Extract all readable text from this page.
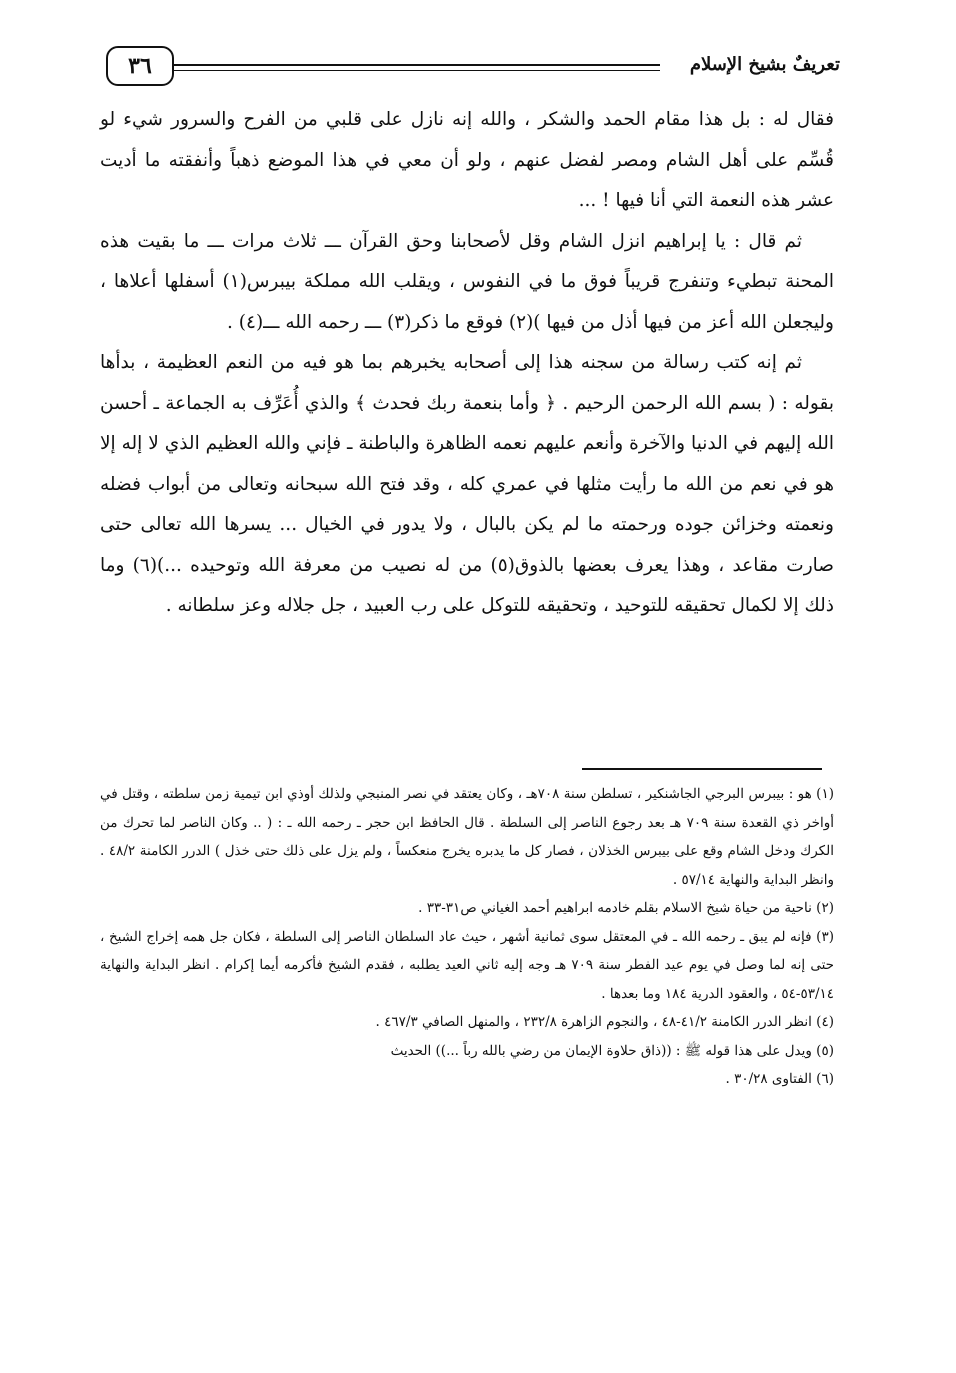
تعريفٌ بشيخ الإسلام
٣٦

فقال له : بل هذا مقام الحمد والشكر ، والله إنه نازل على قلبي من الفرح والسرور شيء لو قُسِّم على أهل الشام ومصر لفضل عنهم ، ولو أن معي في هذا الموضع ذهباً وأنفقته ما أديت عشر هذه النعمة التي أنا فيها ! ...

ثم قال : يا إبراهيم انزل الشام وقل لأصحابنا وحق القرآن ـــ ثلاث مرات ـــ ما بقيت هذه المحنة تبطيء وتنفرج قريباً فوق ما في النفوس ، ويقلب الله مملكة بيبرس(١) أسفلها أعلاها ، وليجعلن الله أعز من فيها أذل من فيها )(٢) فوقع ما ذكر(٣) ـــ رحمه الله ـــ(٤) .

ثم إنه كتب رسالة من سجنه هذا إلى أصحابه يخبرهم بما هو فيه من النعم العظيمة ، بدأها بقوله : ( بسم الله الرحمن الرحيم . ﴿ وأما بنعمة ربك فحدث ﴾ والذي أُعَرِّف به الجماعة ـ أحسن الله إليهم في الدنيا والآخرة وأنعم عليهم نعمه الظاهرة والباطنة ـ فإني والله العظيم الذي لا إله إلا هو في نعم من الله ما رأيت مثلها في عمري كله ، وقد فتح الله سبحانه وتعالى من أبواب فضله ونعمته وخزائن جوده ورحمته ما لم يكن بالبال ، ولا يدور في الخيال ... يسرها الله تعالى حتى صارت مقاعد ، وهذا يعرف بعضها بالذوق(٥) من له نصيب من معرفة الله وتوحيده ...)(٦) وما ذلك إلا لكمال تحقيقه للتوحيد ، وتحقيقه للتوكل على رب العبيد ، جل جلاله وعز سلطانه .

(١) هو : بيبرس البرجي الجاشنكير ، تسلطن سنة ٧٠٨هـ ، وكان يعتقد في نصر المنبجي ولذلك أوذي ابن تيمية زمن سلطته ، وقتل في أواخر ذي القعدة سنة ٧٠٩ هـ بعد رجوع الناصر إلى السلطة . قال الحافظ ابن حجر ـ رحمه الله ـ : ( .. وكان الناصر لما تحرك من الكرك ودخل الشام وقع على بيبرس الخذلان ، فصار كل ما يدبره يخرج منعكساً ، ولم يزل على ذلك حتى خذل ) الدرر الكامنة ٤٨/٢ . وانظر البداية والنهاية ٥٧/١٤ .

(٢) ناحية من حياة شيخ الاسلام بقلم خادمه ابراهيم أحمد الغياني ص٣١-٣٣ .

(٣) فإنه لم يبق ـ رحمه الله ـ في المعتقل سوى ثمانية أشهر ، حيث عاد السلطان الناصر إلى السلطة ، فكان جل همه إخراج الشيخ ، حتى إنه لما وصل في يوم عيد الفطر سنة ٧٠٩ هـ وجه إليه ثاني العيد يطلبه ، فقدم الشيخ فأكرمه أيما إكرام . انظر البداية والنهاية ٥٣/١٤-٥٤ ، والعقود الدرية ١٨٤ وما بعدها .

(٤) انظر الدرر الكامنة ٤١/٢-٤٨ ، والنجوم الزاهرة ٢٣٢/٨ ، والمنهل الصافي ٤٦٧/٣ .

(٥) ويدل على هذا قوله ﷺ : ((ذاق حلاوة الإيمان من رضي بالله رباً ...)) الحديث

(٦) الفتاوى ٣٠/٢٨ .
